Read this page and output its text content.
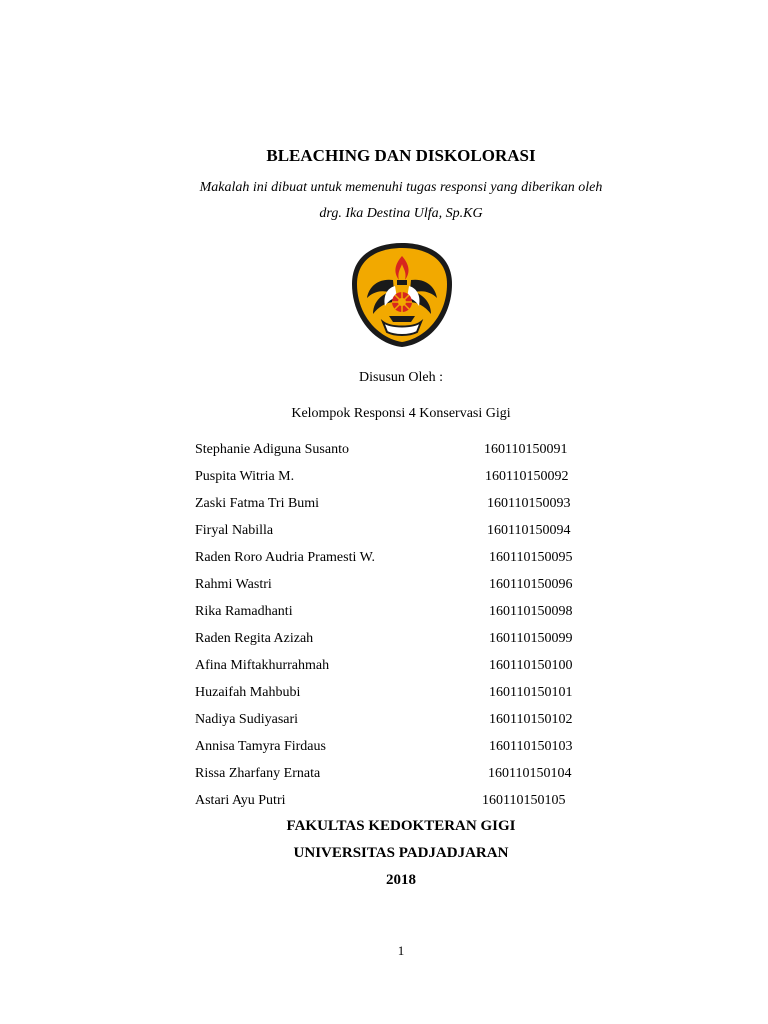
BLEACHING DAN DISKOLORASI
Makalah ini dibuat untuk memenuhi tugas responsi yang diberikan oleh
drg. Ika Destina Ulfa, Sp.KG
Disusun Oleh :
Kelompok Responsi 4 Konservasi Gigi
Stephanie Adiguna Susanto	160110150091
Puspita Witria M.	160110150092
Zaski Fatma Tri Bumi	160110150093
Firyal Nabilla	160110150094
Raden Roro Audria Pramesti W.	160110150095
Rahmi Wastri	160110150096
Rika Ramadhanti	160110150098
Raden Regita Azizah	160110150099
Afina Miftakhurrahmah	160110150100
Huzaifah Mahbubi	160110150101
Nadiya Sudiyasari	160110150102
Annisa Tamyra Firdaus	160110150103
Rissa Zharfany Ernata	160110150104
Astari Ayu Putri	160110150105
FAKULTAS KEDOKTERAN GIGI
UNIVERSITAS PADJADJARAN
2018
1
